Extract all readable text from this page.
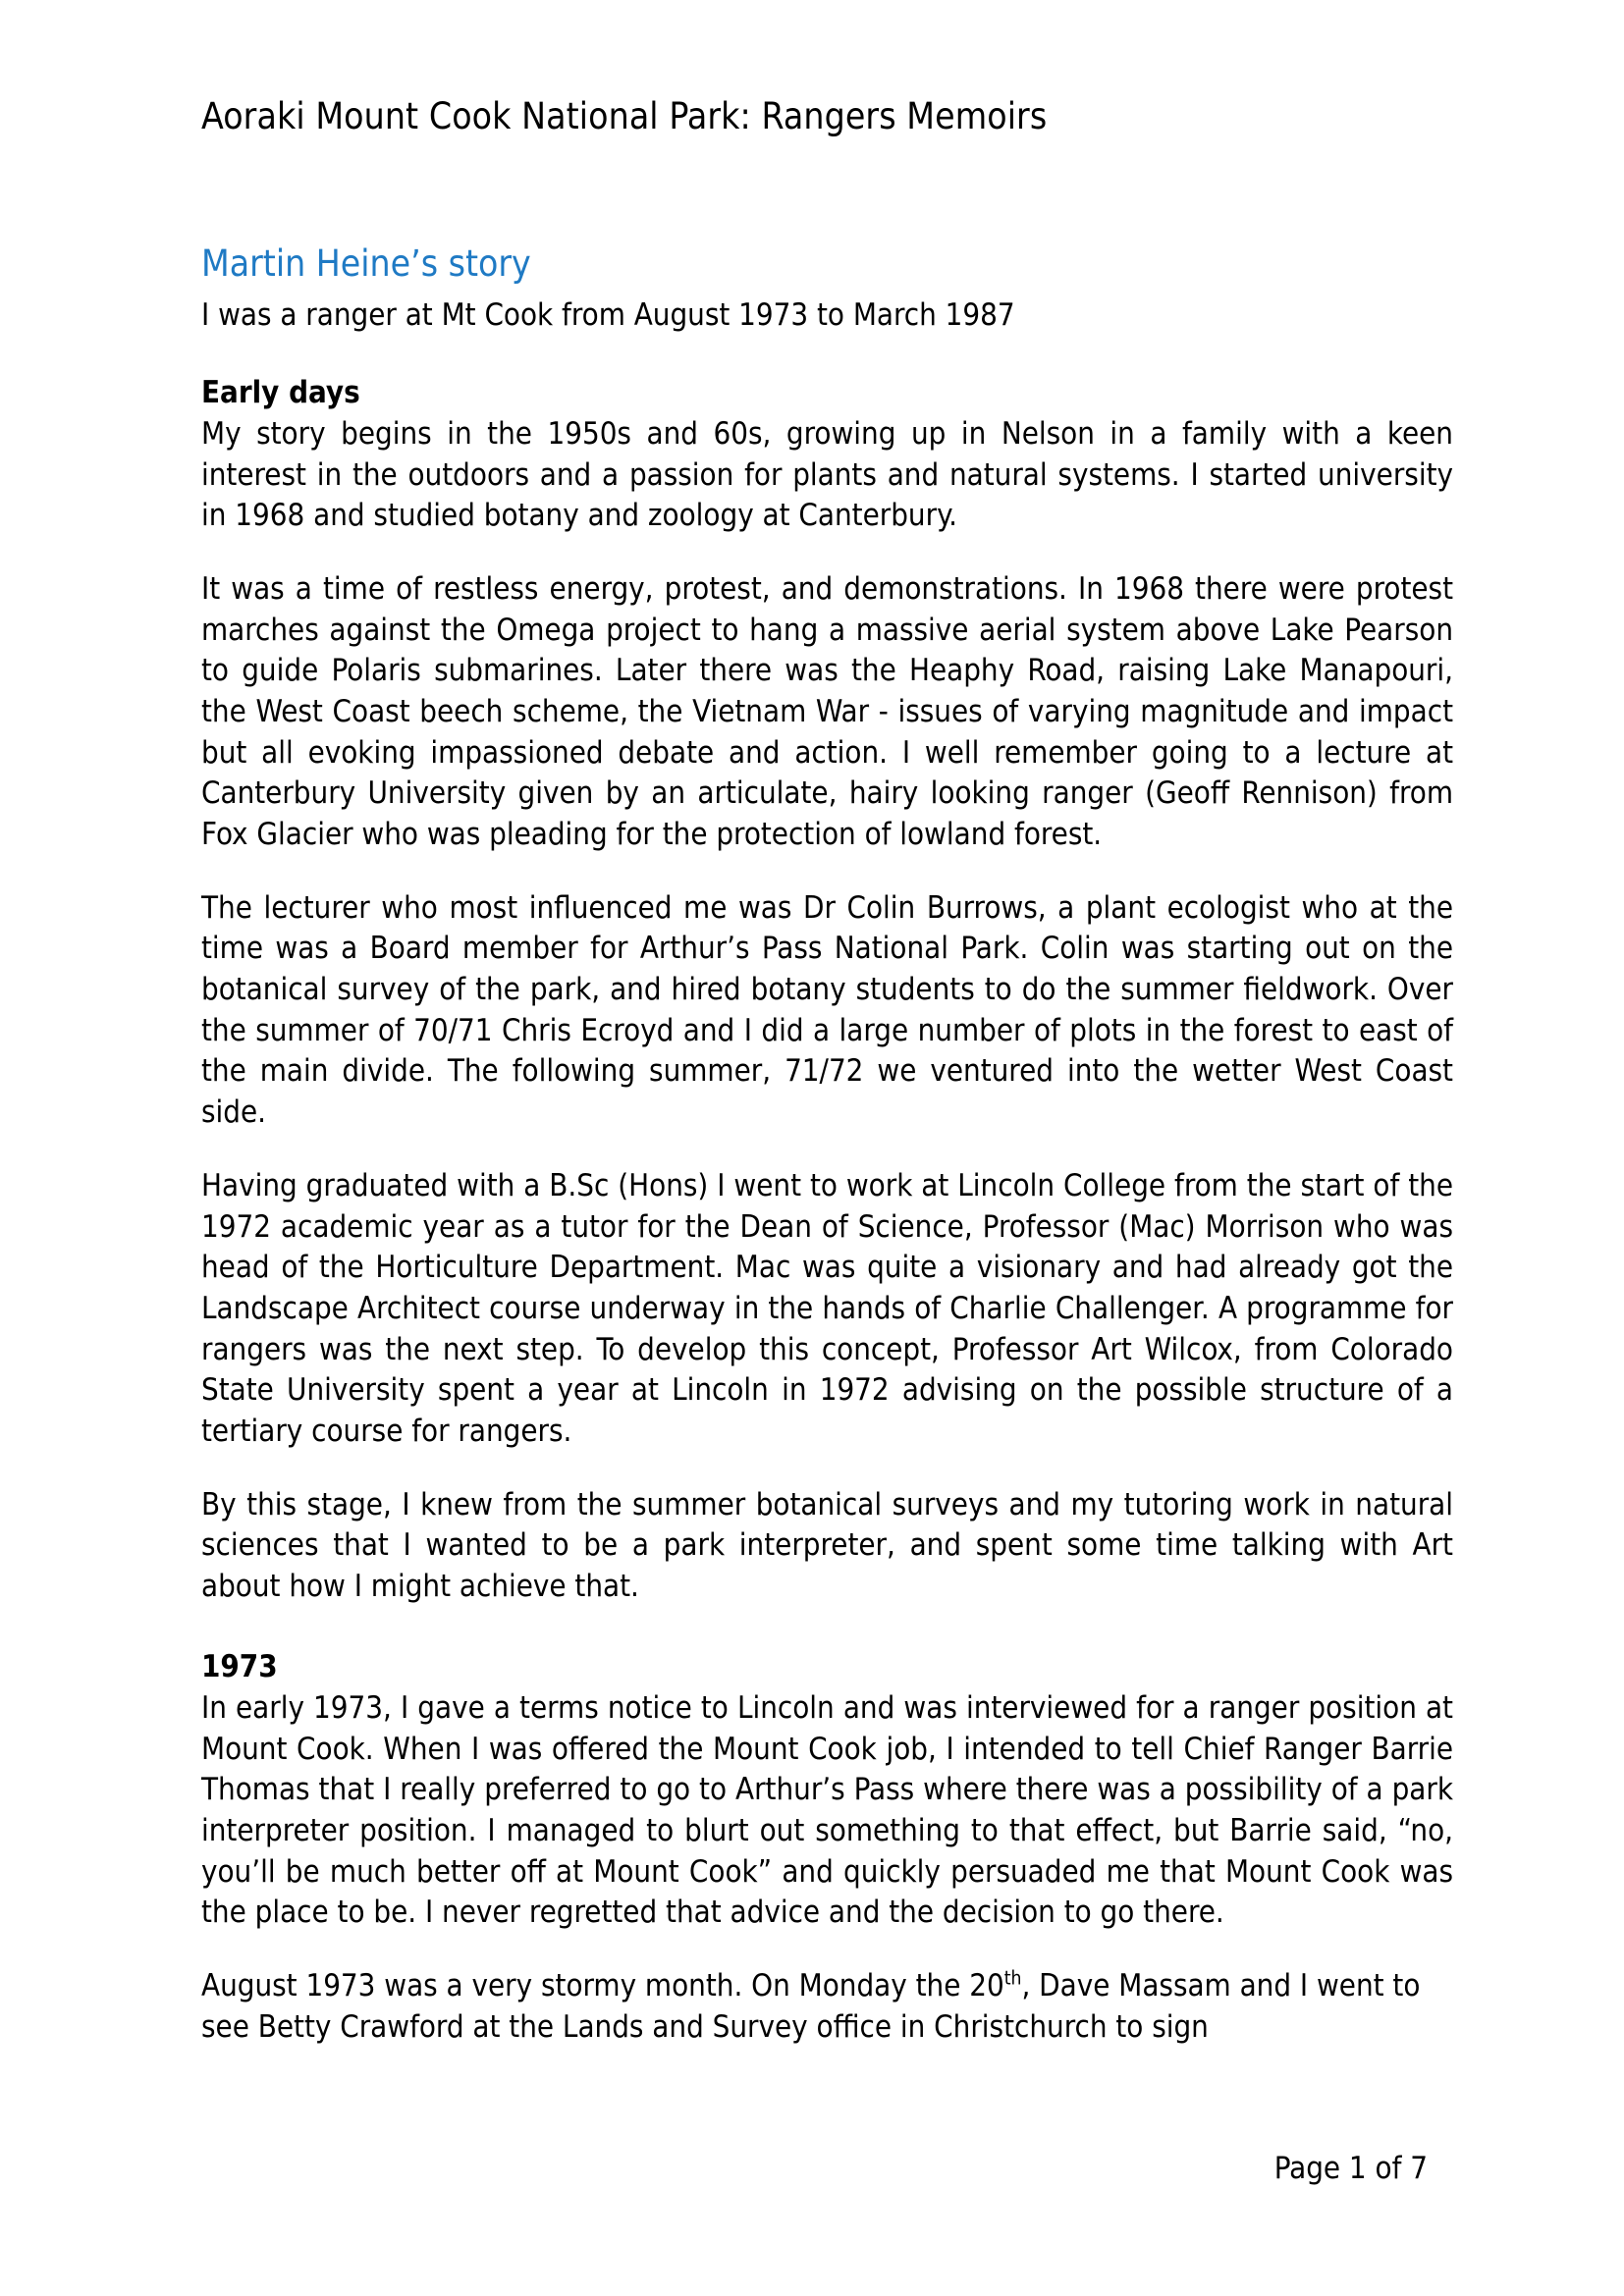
Aoraki Mount Cook National Park: Rangers Memoirs
Martin Heine’s story

I was a ranger at Mt Cook from August 1973 to March 1987

Early days

My story begins in the 1950s and 60s, growing up in Nelson in a family with a keen interest in the outdoors and a passion for plants and natural systems. I started university in 1968 and studied botany and zoology at Canterbury.

It was a time of restless energy, protest, and demonstrations. In 1968 there were protest marches against the Omega project to hang a massive aerial system above Lake Pearson to guide Polaris submarines. Later there was the Heaphy Road, raising Lake Manapouri, the West Coast beech scheme, the Vietnam War - issues of varying magnitude and impact but all evoking impassioned debate and action. I well remember going to a lecture at Canterbury University given by an articulate, hairy looking ranger (Geoff Rennison) from Fox Glacier who was pleading for the protection of lowland forest.

The lecturer who most influenced me was Dr Colin Burrows, a plant ecologist who at the time was a Board member for Arthur’s Pass National Park. Colin was starting out on the botanical survey of the park, and hired botany students to do the summer fieldwork. Over the summer of 70/71 Chris Ecroyd and I did a large number of plots in the forest to east of the main divide. The following summer, 71/72 we ventured into the wetter West Coast side.

Having graduated with a B.Sc (Hons) I went to work at Lincoln College from the start of the 1972 academic year as a tutor for the Dean of Science, Professor (Mac) Morrison who was head of the Horticulture Department. Mac was quite a visionary and had already got the Landscape Architect course underway in the hands of Charlie Challenger. A programme for rangers was the next step. To develop this concept, Professor Art Wilcox, from Colorado State University spent a year at Lincoln in 1972 advising on the possible structure of a tertiary course for rangers.

By this stage, I knew from the summer botanical surveys and my tutoring work in natural sciences that I wanted to be a park interpreter, and spent some time talking with Art about how I might achieve that.

1973

In early 1973, I gave a terms notice to Lincoln and was interviewed for a ranger position at Mount Cook. When I was offered the Mount Cook job, I intended to tell Chief Ranger Barrie Thomas that I really preferred to go to Arthur’s Pass where there was a possibility of a park interpreter position. I managed to blurt out something to that effect, but Barrie said, “no, you’ll be much better off at Mount Cook” and quickly persuaded me that Mount Cook was the place to be. I never regretted that advice and the decision to go there.

August 1973 was a very stormy month. On Monday the 20th, Dave Massam and I went to see Betty Crawford at the Lands and Survey office in Christchurch to sign

Page 1 of 7
